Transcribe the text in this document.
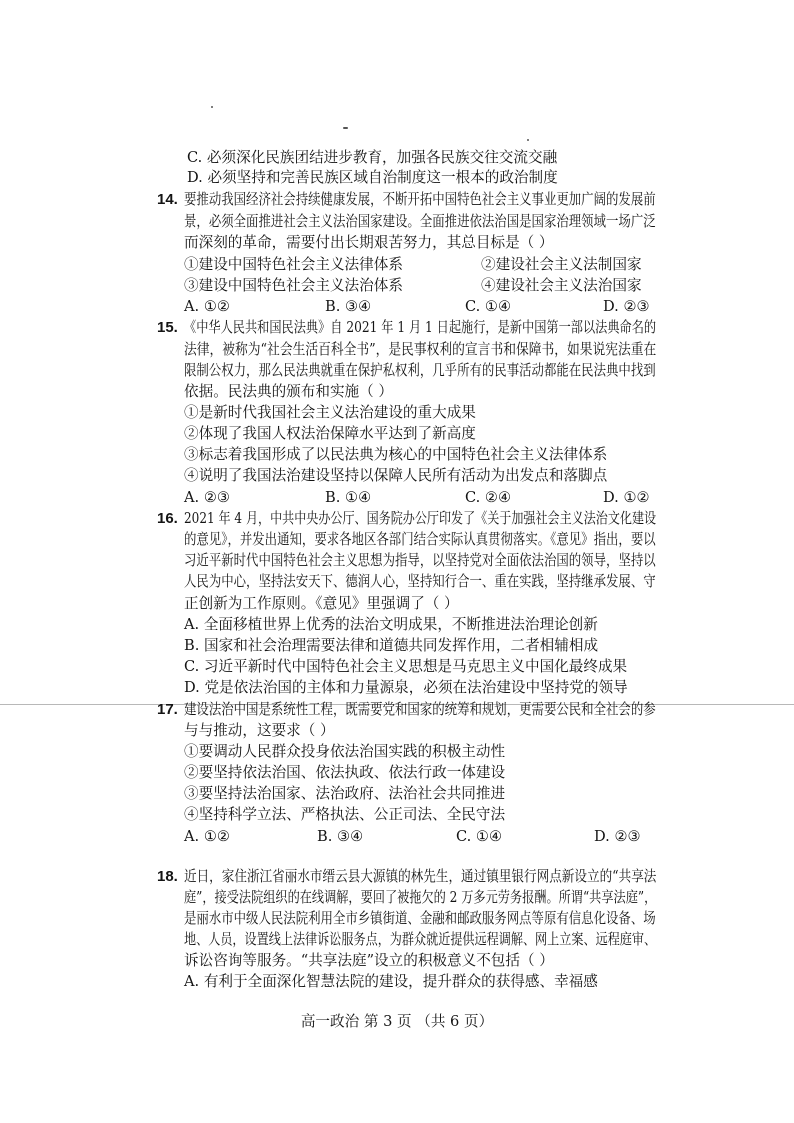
C. 必须深化民族团结进步教育，加强各民族交往交流交融
D. 必须坚持和完善民族区域自治制度这一根本的政治制度
14. 要推动我国经济社会持续健康发展，不断开拓中国特色社会主义事业更加广阔的发展前
景，必须全面推进社会主义法治国家建设。全面推进依法治国是国家治理领域一场广泛
而深刻的革命，需要付出长期艰苦努力，其总目标是（ ）
①建设中国特色社会主义法律体系	②建设社会主义法制国家
③建设中国特色社会主义法治体系	④建设社会主义法治国家
A. ①②	B. ③④	C. ①④	D. ②③
15. 《中华人民共和国民法典》自 2021 年 1 月 1 日起施行，是新中国第一部以法典命名的
法律，被称为“社会生活百科全书”，是民事权利的宣言书和保障书，如果说宪法重在
限制公权力，那么民法典就重在保护私权利，几乎所有的民事活动都能在民法典中找到
依据。民法典的颁布和实施（ ）
①是新时代我国社会主义法治建设的重大成果
②体现了我国人权法治保障水平达到了新高度
③标志着我国形成了以民法典为核心的中国特色社会主义法律体系
④说明了我国法治建设坚持以保障人民所有活动为出发点和落脚点
A. ②③	B. ①④	C. ②④	D. ①②
16. 2021 年 4 月，中共中央办公厅、国务院办公厅印发了《关于加强社会主义法治文化建设
的意见》，并发出通知，要求各地区各部门结合实际认真贯彻落实。《意见》指出，要以
习近平新时代中国特色社会主义思想为指导，以坚持党对全面依法治国的领导，坚持以
人民为中心，坚持法安天下、德润人心，坚持知行合一、重在实践，坚持继承发展、守
正创新为工作原则。《意见》里强调了（ ）
A. 全面移植世界上优秀的法治文明成果，不断推进法治理论创新
B. 国家和社会治理需要法律和道德共同发挥作用，二者相辅相成
C. 习近平新时代中国特色社会主义思想是马克思主义中国化最终成果
D. 党是依法治国的主体和力量源泉，必须在法治建设中坚持党的领导
17. 建设法治中国是系统性工程，既需要党和国家的统筹和规划，更需要公民和全社会的参
与与推动，这要求（ ）
①要调动人民群众投身依法治国实践的积极主动性
②要坚持依法治国、依法执政、依法行政一体建设
③要坚持法治国家、法治政府、法治社会共同推进
④坚持科学立法、严格执法、公正司法、全民守法
A. ①②	B. ③④	C. ①④	D. ②③
18. 近日，家住浙江省丽水市缙云县大源镇的林先生，通过镇里银行网点新设立的“共享法
庭”，接受法院组织的在线调解，要回了被拖欠的 2 万多元劳务报酬。所谓“共享法庭”，
是丽水市中级人民法院利用全市乡镇街道、金融和邮政服务网点等原有信息化设备、场
地、人员，设置线上法律诉讼服务点，为群众就近提供远程调解、网上立案、远程庭审、
诉讼咨询等服务。“共享法庭”设立的积极意义不包括（ ）
A. 有利于全面深化智慧法院的建设，提升群众的获得感、幸福感
高一政治 第 3 页 （共 6 页）
